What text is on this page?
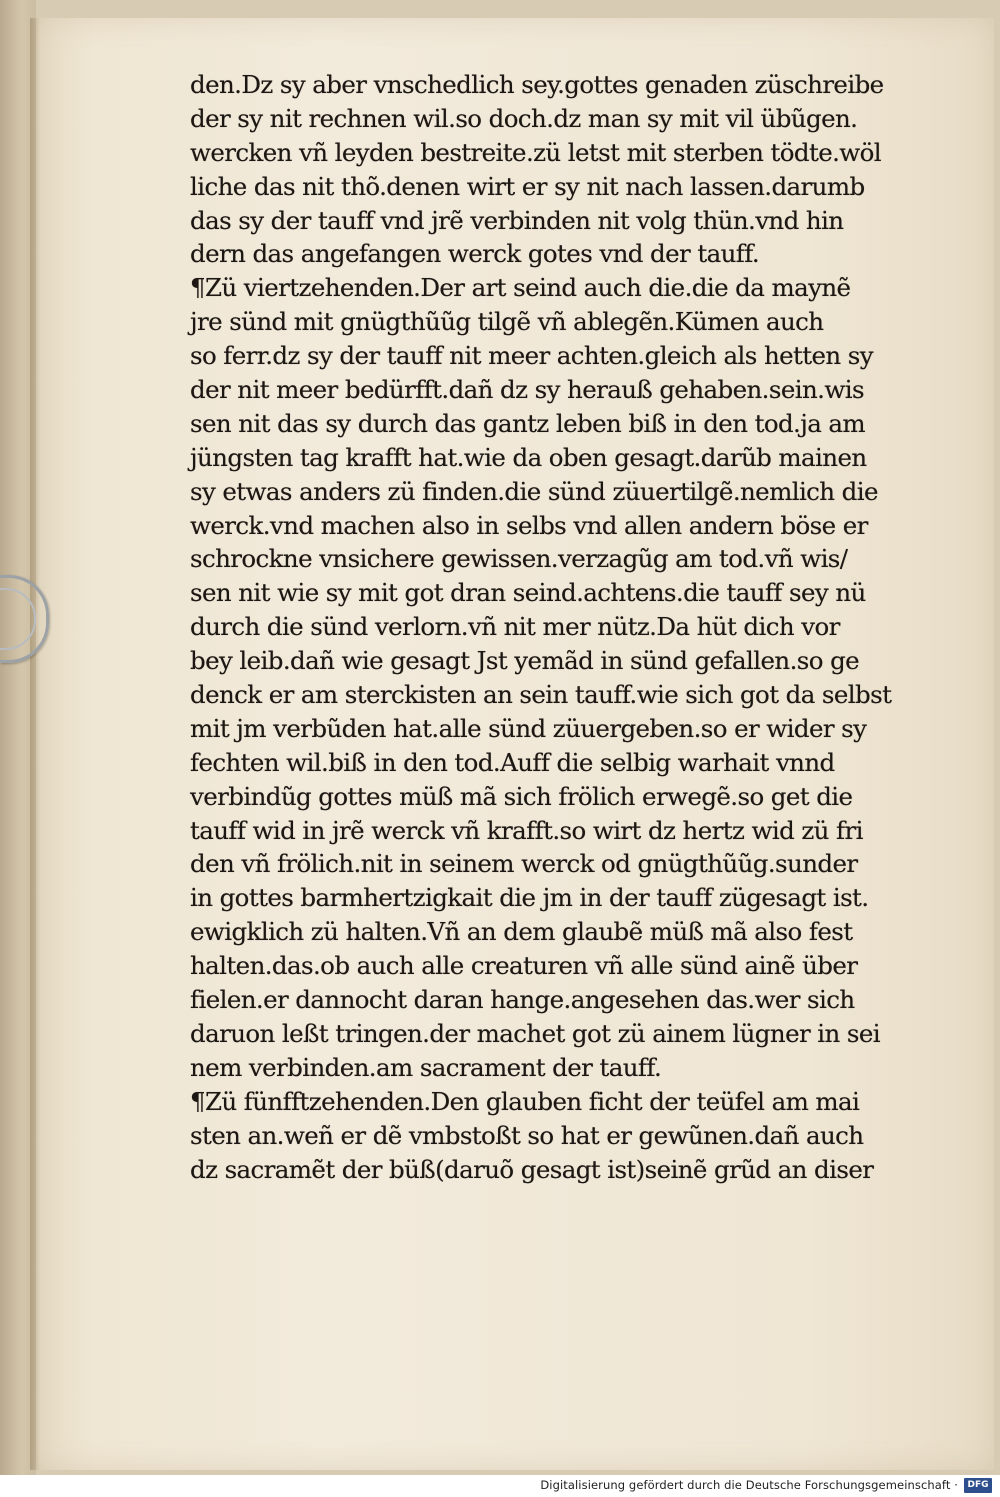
den.Dz sy aber vnschedlich sey.gottes genaden züschreibe
der sy nit rechnen wil.so doch.dz man sy mit vil übũgen.
wercken vñ leyden bestreite.zü letst mit sterben tödte.wöl
liche das nit thõ.denen wirt er sy nit nach lassen.darumb
das sy der tauff vnd jrẽ verbinden nit volg thün.vnd hin
dern das angefangen werck gotes vnd der tauff.
¶Zü viertzehenden.Der art seind auch die.die da maynẽ
jre sünd mit gnügthũũg tilgẽ vñ ablegẽn.Kümen auch
so ferr.dz sy der tauff nit meer achten.gleich als hetten sy
der nit meer bedürfft.dañ dz sy herauß gehaben.sein.wis
sen nit das sy durch das gantz leben biß in den tod.ja am
jüngsten tag krafft hat.wie da oben gesagt.darũb mainen
sy etwas anders zü finden.die sünd züuertilgẽ.nemlich die
werck.vnd machen also in selbs vnd allen andern böse er
schrockne vnsichere gewissen.verzagũg am tod.vñ wis/
sen nit wie sy mit got dran seind.achtens.die tauff sey nü
durch die sünd verlorn.vñ nit mer nütz.Da hüt dich vor
bey leib.dañ wie gesagt Jst yemãd in sünd gefallen.so ge
denck er am sterckisten an sein tauff.wie sich got da selbst
mit jm verbũden hat.alle sünd züuergeben.so er wider sy
fechten wil.biß in den tod.Auff die selbig warhait vnnd
verbindũg gottes müß mã sich frölich erwegẽ.so get die
tauff wid in jrẽ werck vñ krafft.so wirt dz hertz wid zü fri
den vñ frölich.nit in seinem werck od gnügthũũg.sunder
in gottes barmhertzigkait die jm in der tauff zügesagt ist.
ewigklich zü halten.Vñ an dem glaubẽ müß mã also fest
halten.das.ob auch alle creaturen vñ alle sünd ainẽ über
fielen.er dannocht daran hange.angesehen das.wer sich
daruon leßt tringen.der machet got zü ainem lügner in sei
nem verbinden.am sacrament der tauff.
¶Zü fünfftzehenden.Den glauben ficht der teüfel am mai
sten an.weñ er dẽ vmbstoßt so hat er gewũnen.dañ auch
dz sacramẽt der büß(daruõ gesagt ist)seinẽ grũd an diser
Digitalisierung gefördert durch die Deutsche Forschungsgemeinschaft ·	DFG
